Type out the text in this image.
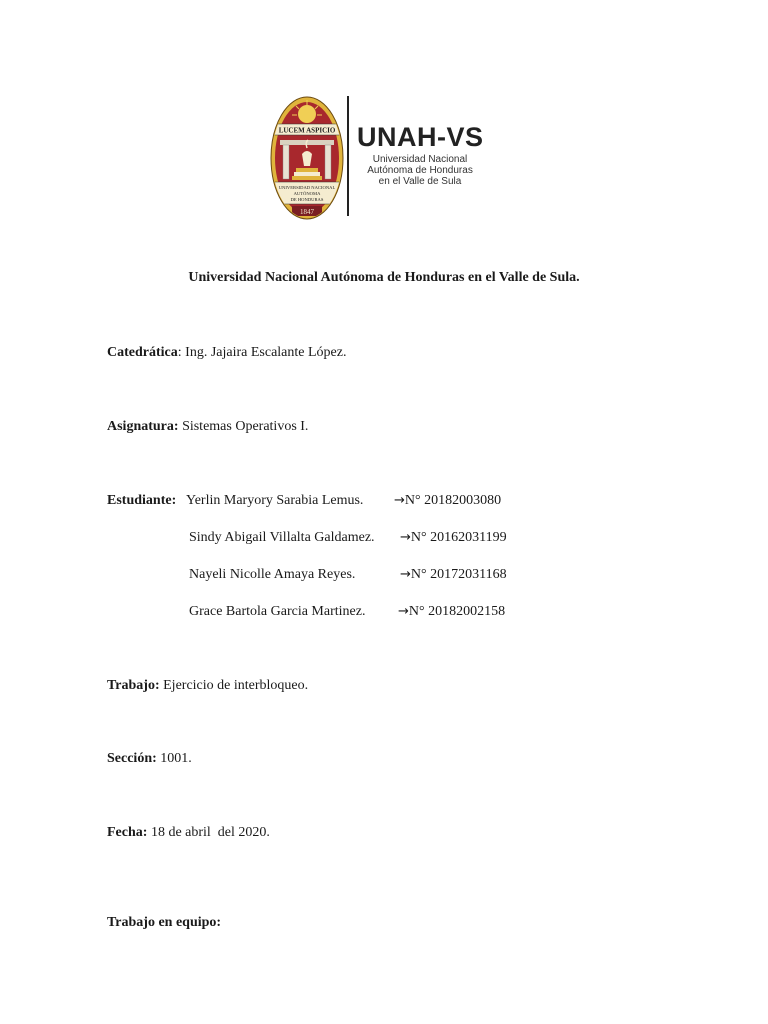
LUCEM ASPICIO
UNIVERSIDAD NACIONAL
AUTÓNOMA
DE HONDURAS
1847
UNAH-VS
Universidad Nacional
Autónoma de Honduras
en el Valle de Sula
Universidad Nacional Autónoma de Honduras en el Valle de Sula.
Catedrática: Ing. Jajaira Escalante López.
Asignatura: Sistemas Operativos I.
Estudiante: Yerlin Maryory Sarabia Lemus. →N° 20182003080
Sindy Abigail Villalta Galdamez. →N° 20162031199
Nayeli Nicolle Amaya Reyes.	→N° 20172031168
Grace Bartola Garcia Martinez.	→N° 20182002158
Trabajo: Ejercicio de interbloqueo.
Sección: 1001.
Fecha: 18 de abril  del 2020.
Trabajo en equipo:
